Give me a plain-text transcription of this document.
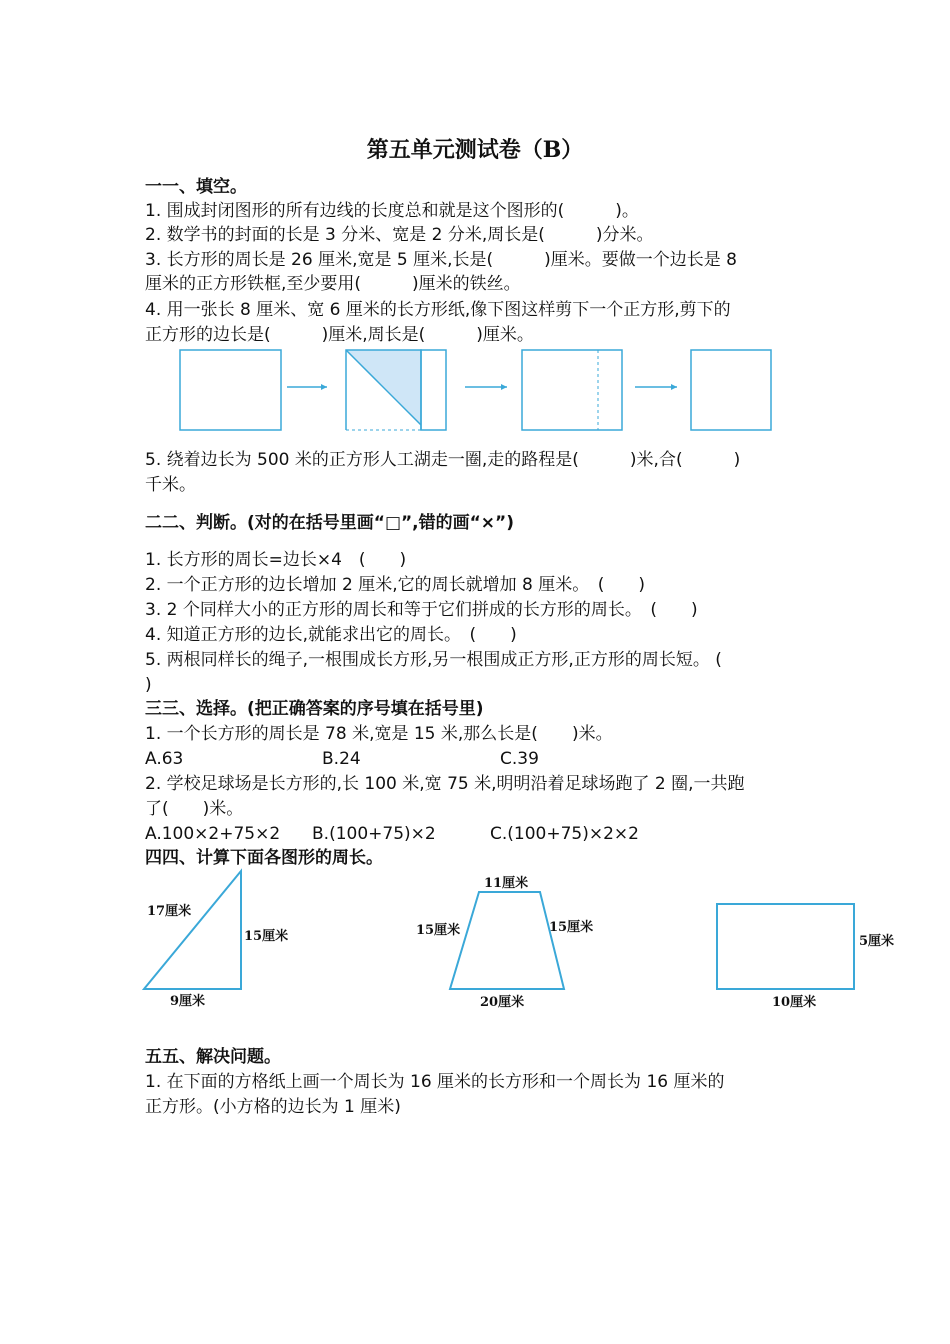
第五单元测试卷（B）
一一、填空。
1. 围成封闭图形的所有边线的长度总和就是这个图形的(　　　)。
2. 数学书的封面的长是 3 分米、宽是 2 分米,周长是(　　　)分米。
3. 长方形的周长是 26 厘米,宽是 5 厘米,长是(　　　)厘米。要做一个边长是 8
厘米的正方形铁框,至少要用(　　　)厘米的铁丝。
4. 用一张长 8 厘米、宽 6 厘米的长方形纸,像下图这样剪下一个正方形,剪下的
正方形的边长是(　　　)厘米,周长是(　　　)厘米。
5. 绕着边长为 500 米的正方形人工湖走一圈,走的路程是(　　　)米,合(　　　)
千米。
二二、判断。(对的在括号里画“□”,错的画“×”)
1. 长方形的周长=边长×4　(　　)
2. 一个正方形的边长增加 2 厘米,它的周长就增加 8 厘米。　(　　)
3. 2 个同样大小的正方形的周长和等于它们拼成的长方形的周长。　(　　)
4. 知道正方形的边长,就能求出它的周长。　(　　)
5. 两根同样长的绳子,一根围成长方形,另一根围成正方形,正方形的周长短。 (
)
三三、选择。(把正确答案的序号填在括号里)
1. 一个长方形的周长是 78 米,宽是 15 米,那么长是(　　)米。
A.63	B.24	C.39
2. 学校足球场是长方形的,长 100 米,宽 75 米,明明沿着足球场跑了 2 圈,一共跑
了(　　)米。
A.100×2+75×2 B.(100+75)×2	C.(100+75)×2×2
四四、计算下面各图形的周长。
17厘米
15厘米
9厘米
11厘米
15厘米	15厘米
20厘米
5厘米
10厘米
五五、解决问题。
1. 在下面的方格纸上画一个周长为 16 厘米的长方形和一个周长为 16 厘米的
正方形。(小方格的边长为 1 厘米)
